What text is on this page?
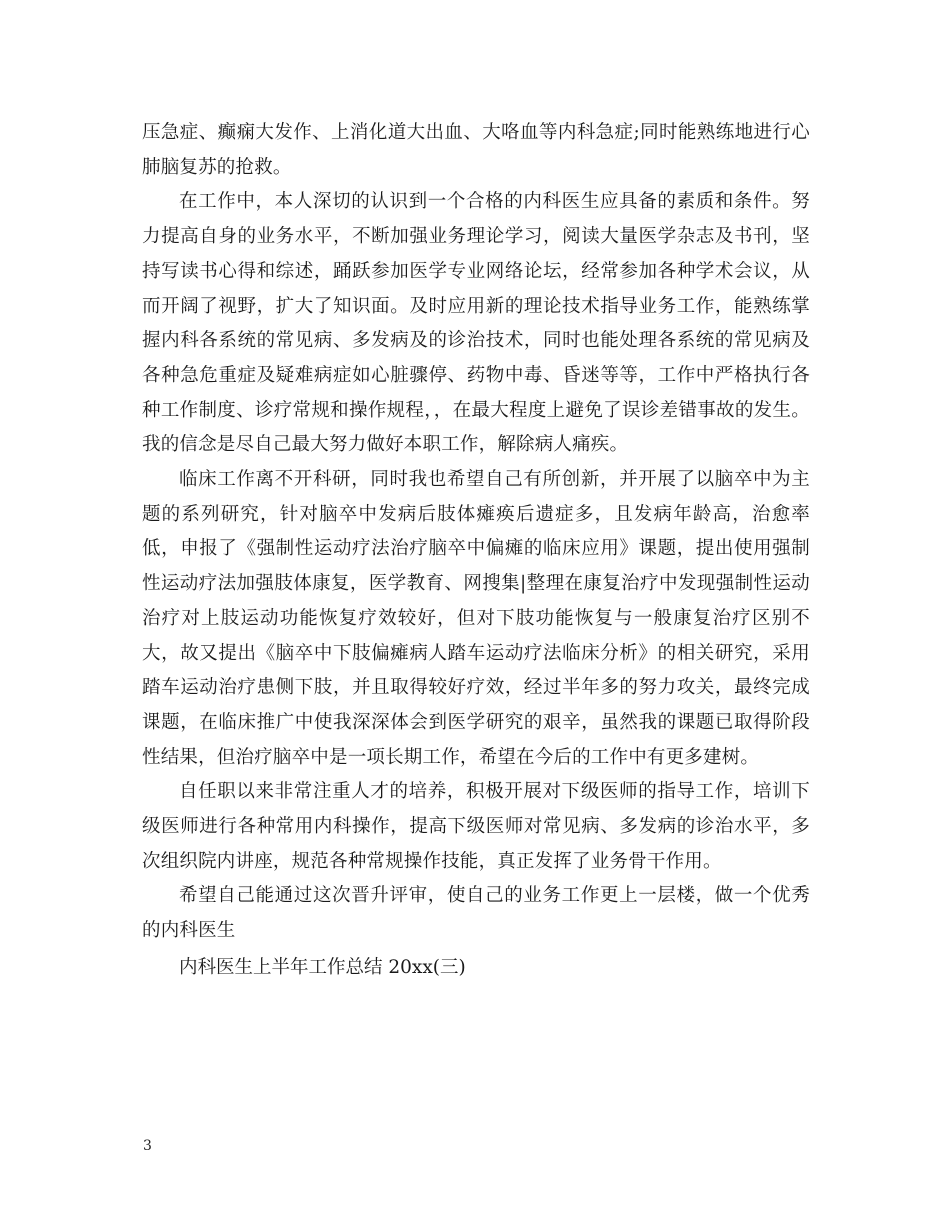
压急症、癫痫大发作、上消化道大出血、大咯血等内科急症;同时能熟练地进行心肺脑复苏的抢救。

在工作中，本人深切的认识到一个合格的内科医生应具备的素质和条件。努力提高自身的业务水平，不断加强业务理论学习，阅读大量医学杂志及书刊，坚持写读书心得和综述，踊跃参加医学专业网络论坛，经常参加各种学术会议，从而开阔了视野，扩大了知识面。及时应用新的理论技术指导业务工作，能熟练掌握内科各系统的常见病、多发病及的诊治技术，同时也能处理各系统的常见病及各种急危重症及疑难病症如心脏骤停、药物中毒、昏迷等等，工作中严格执行各种工作制度、诊疗常规和操作规程，，在最大程度上避免了误诊差错事故的发生。我的信念是尽自己最大努力做好本职工作，解除病人痛疾。

临床工作离不开科研，同时我也希望自己有所创新，并开展了以脑卒中为主题的系列研究，针对脑卒中发病后肢体瘫痪后遗症多，且发病年龄高，治愈率低，申报了《强制性运动疗法治疗脑卒中偏瘫的临床应用》课题，提出使用强制性运动疗法加强肢体康复，医学教育、网搜集|整理在康复治疗中发现强制性运动治疗对上肢运动功能恢复疗效较好，但对下肢功能恢复与一般康复治疗区别不大，故又提出《脑卒中下肢偏瘫病人踏车运动疗法临床分析》的相关研究，采用踏车运动治疗患侧下肢，并且取得较好疗效，经过半年多的努力攻关，最终完成课题，在临床推广中使我深深体会到医学研究的艰辛，虽然我的课题已取得阶段性结果，但治疗脑卒中是一项长期工作，希望在今后的工作中有更多建树。

自任职以来非常注重人才的培养，积极开展对下级医师的指导工作，培训下级医师进行各种常用内科操作，提高下级医师对常见病、多发病的诊治水平，多次组织院内讲座，规范各种常规操作技能，真正发挥了业务骨干作用。

希望自己能通过这次晋升评审，使自己的业务工作更上一层楼，做一个优秀的内科医生

内科医生上半年工作总结 20xx(三)

3
